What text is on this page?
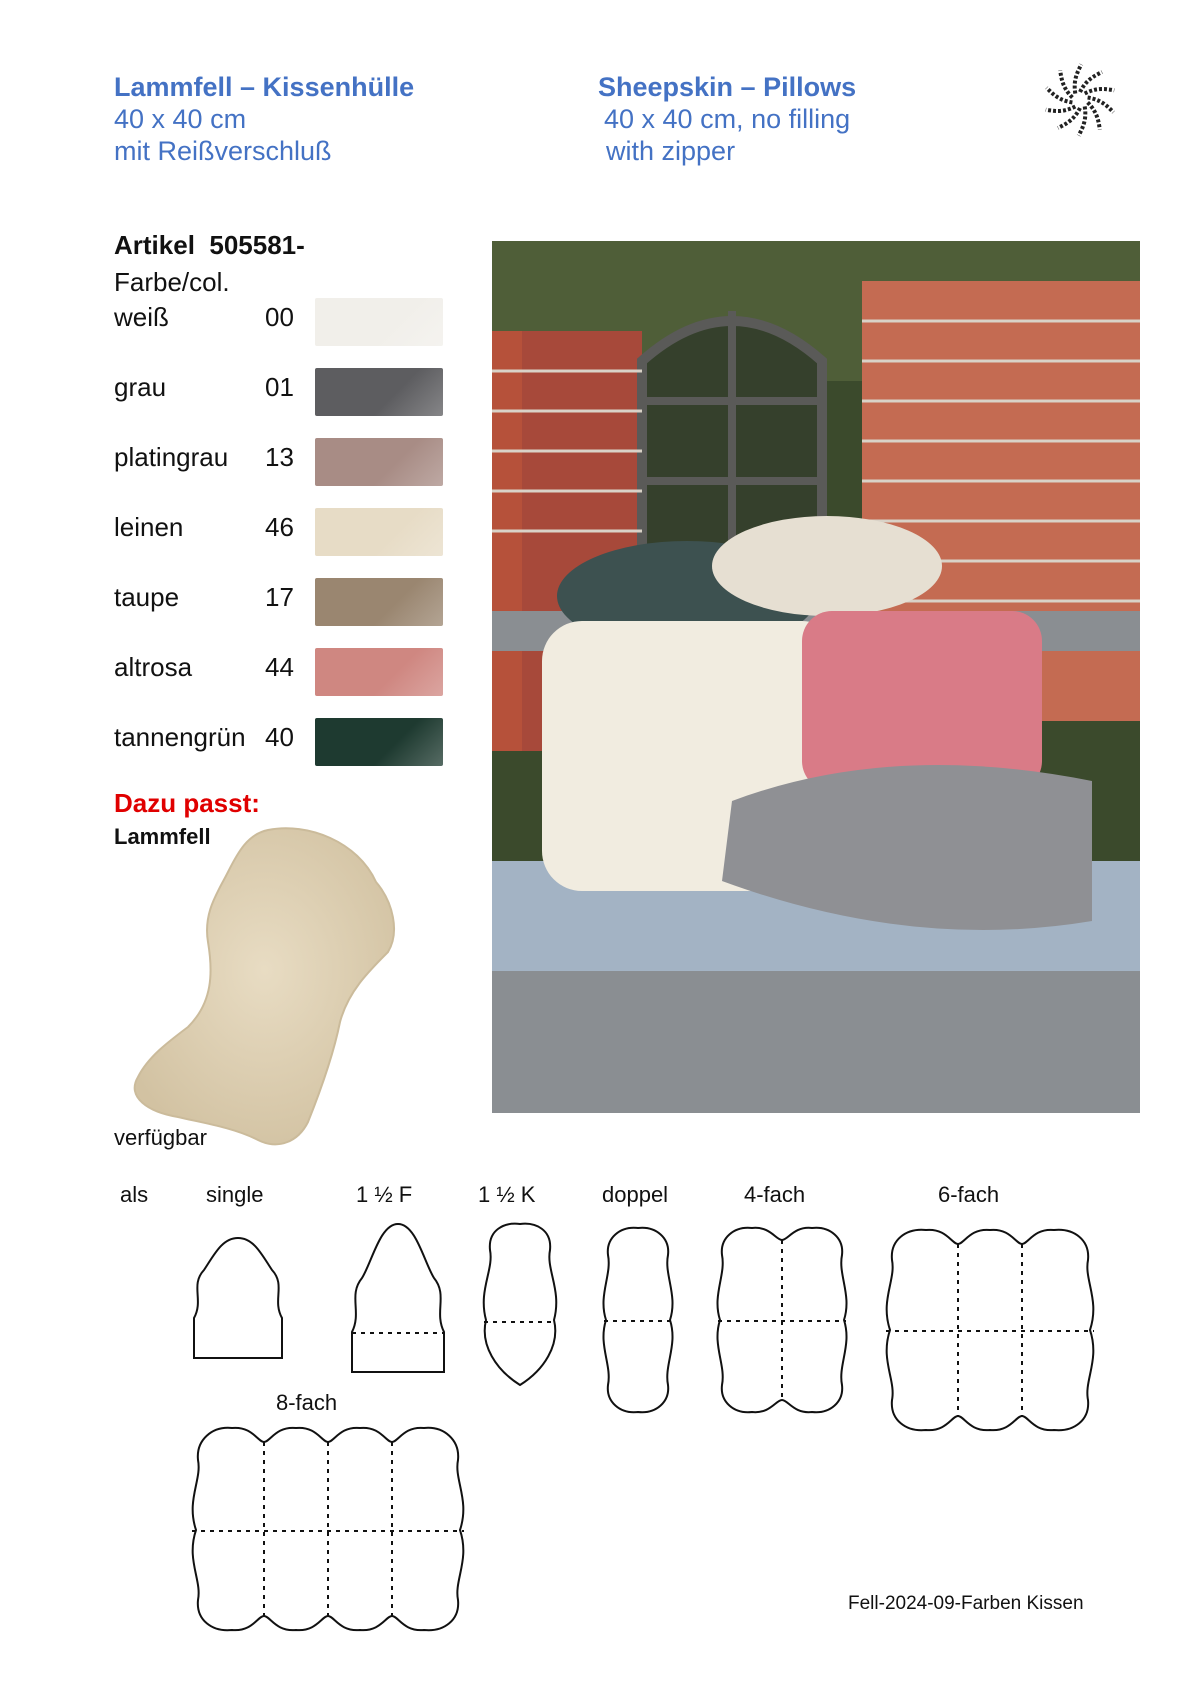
Lammfell – Kissenhülle
40 x 40 cm
mit Reißverschluß
Sheepskin – Pillows
40 x 40 cm, no filling
with zipper
Artikel  505581-
Farbe/col.
weiß	00
grau	01
platingrau 13
leinen	46
taupe	17
altrosa	44
tannengrün 40
Dazu passt:
Lammfell
verfügbar
als	single	1 ½ F	1 ½ K	doppel	4-fach	6-fach
8-fach
Fell-2024-09-Farben Kissen
